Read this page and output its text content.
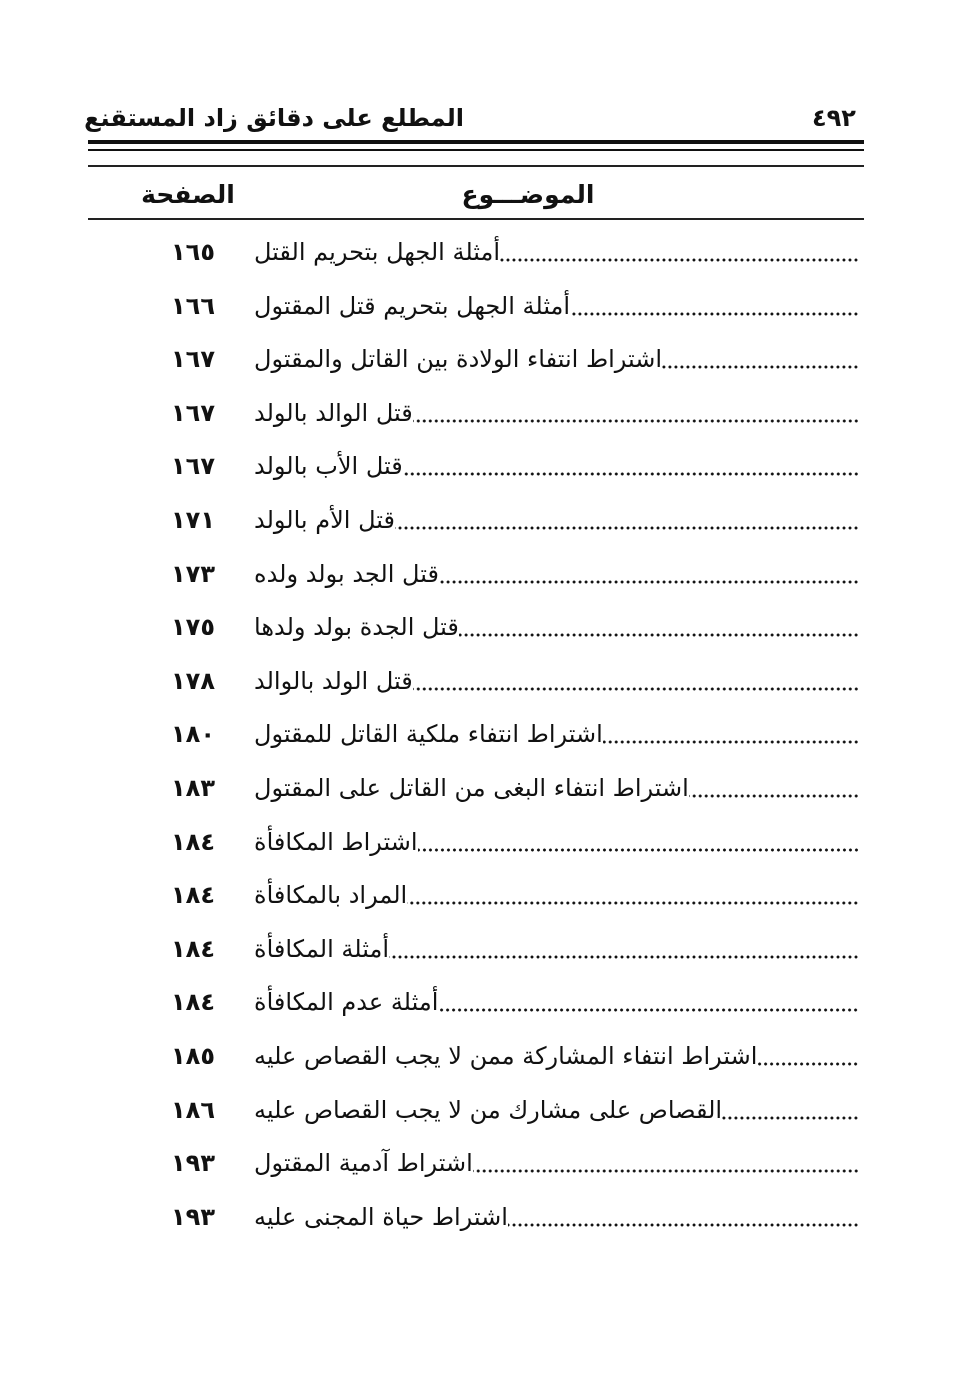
المطلع على دقائق زاد المستقنع	٤٩٢
الموضـــوع
الصفحة
أمثلة الجهل بتحريم القتل
١٦٥
أمثلة الجهل بتحريم قتل المقتول
١٦٦
اشتراط انتفاء الولادة بين القاتل والمقتول
١٦٧
قتل الوالد بالولد
١٦٧
قتل الأب بالولد
١٦٧
قتل الأم بالولد
١٧١
قتل الجد بولد ولده
١٧٣
قتل الجدة بولد ولدها
١٧٥
قتل الولد بالوالد
١٧٨
اشتراط انتفاء ملكية القاتل للمقتول
١٨٠
اشتراط انتفاء البغى من القاتل على المقتول
١٨٣
اشتراط المكافأة
١٨٤
المراد بالمكافأة
١٨٤
أمثلة المكافأة
١٨٤
أمثلة عدم المكافأة
١٨٤
اشتراط انتفاء المشاركة ممن لا يجب القصاص عليه
١٨٥
القصاص على مشارك من لا يجب القصاص عليه
١٨٦
اشتراط آدمية المقتول
١٩٣
اشتراط حياة المجنى عليه
١٩٣
